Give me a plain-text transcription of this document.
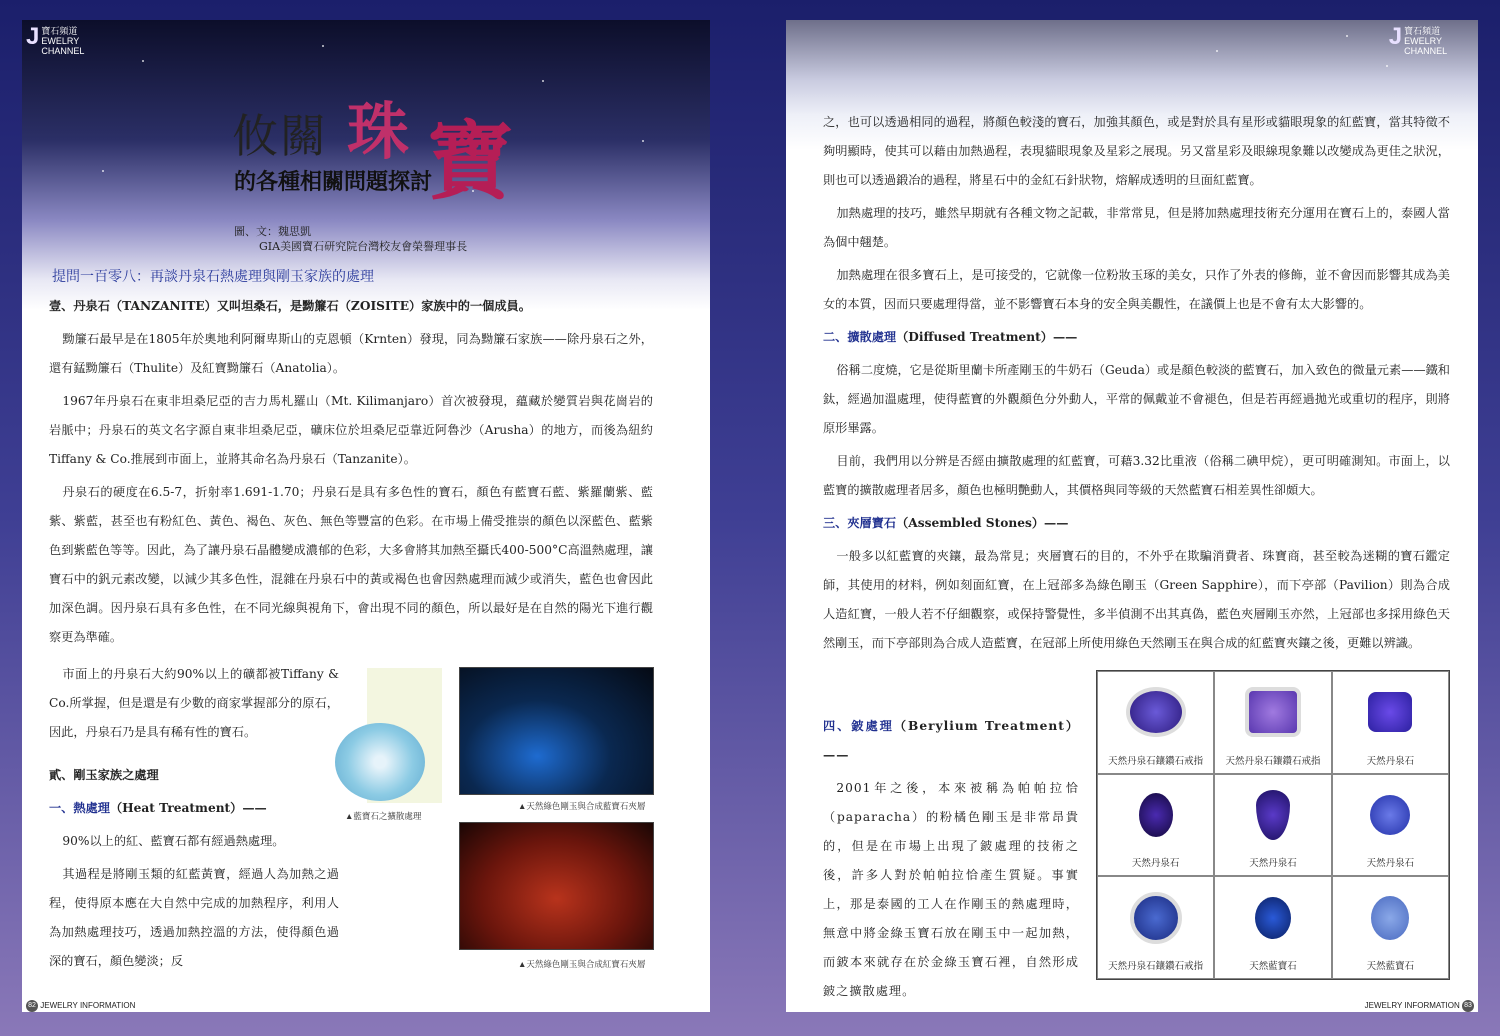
J 寶石頻道
EWELRY CHANNEL
攸關 珠 寶
的各種相關問題探討
圖、文：魏思凱
GIA美國寶石研究院台灣校友會榮譽理事長
提問一百零八：再談丹泉石熱處理與剛玉家族的處理

壹、丹泉石（TANZANITE）又叫坦桑石，是黝簾石（ZOISITE）家族中的一個成員。

黝簾石最早是在1805年於奧地利阿爾卑斯山的克恩頓（Krnten）發現，同為黝簾石家族——除丹泉石之外，還有錳黝簾石（Thulite）及紅寶黝簾石（Anatolia）。

1967年丹泉石在東非坦桑尼亞的吉力馬札羅山（Mt. Kilimanjaro）首次被發現，蘊藏於變質岩與花崗岩的岩脈中；丹泉石的英文名字源自東非坦桑尼亞，礦床位於坦桑尼亞靠近阿魯沙（Arusha）的地方，而後為紐約Tiffany & Co.推展到市面上，並將其命名為丹泉石（Tanzanite）。

丹泉石的硬度在6.5-7，折射率1.691-1.70；丹泉石是具有多色性的寶石，顏色有藍寶石藍、紫羅蘭紫、藍紫、紫藍，甚至也有粉紅色、黃色、褐色、灰色、無色等豐富的色彩。在市場上備受推崇的顏色以深藍色、藍紫色到紫藍色等等。因此，為了讓丹泉石晶體變成濃郁的色彩，大多會將其加熱至攝氏400-500°C高溫熱處理，讓寶石中的釩元素改變，以減少其多色性，混雜在丹泉石中的黃或褐色也會因熱處理而減少或消失，藍色也會因此加深色調。因丹泉石具有多色性，在不同光線與視角下，會出現不同的顏色，所以最好是在自然的陽光下進行觀察更為準確。

市面上的丹泉石大約90%以上的礦都被Tiffany & Co.所掌握，但是還是有少數的商家掌握部分的原石，因此，丹泉石乃是具有稀有性的寶石。

貳、剛玉家族之處理

一、熱處理（Heat Treatment）——

90%以上的紅、藍寶石都有經過熱處理。

其過程是將剛玉類的紅藍黃寶，經過人為加熱之過程，使得原本應在大自然中完成的加熱程序，利用人為加熱處理技巧，透過加熱控溫的方法，使得顏色過深的寶石，顏色變淡；反

▲藍寶石之擴散處理
▲天然綠色剛玉與合成藍寶石夾層
▲天然綠色剛玉與合成紅寶石夾層
82 JEWELRY INFORMATION
J 寶石頻道
EWELRY CHANNEL

之，也可以透過相同的過程，將顏色較淺的寶石，加強其顏色，或是對於具有星形或貓眼現象的紅藍寶，當其特徵不夠明顯時，使其可以藉由加熱過程，表現貓眼現象及星彩之展現。另又當星彩及眼線現象難以改變成為更佳之狀況，則也可以透過鍛冶的過程，將星石中的金紅石針狀物，熔解成透明的旦面紅藍寶。

加熱處理的技巧，雖然早期就有各種文物之記載，非常常見，但是將加熱處理技術充分運用在寶石上的，泰國人當為個中翹楚。

加熱處理在很多寶石上，是可接受的，它就像一位粉妝玉琢的美女，只作了外表的修飾，並不會因而影響其成為美女的本質，因而只要處理得當，並不影響寶石本身的安全與美觀性，在議價上也是不會有太大影響的。

二、擴散處理（Diffused Treatment）——

俗稱二度燒，它是從斯里蘭卡所產剛玉的牛奶石（Geuda）或是顏色較淡的藍寶石，加入致色的微量元素——鐵和鈦，經過加溫處理，使得藍寶的外觀顏色分外動人，平常的佩戴並不會褪色，但是若再經過拋光或重切的程序，則將原形畢露。

目前，我們用以分辨是否經由擴散處理的紅藍寶，可藉3.32比重液（俗稱二碘甲烷），更可明確測知。市面上，以藍寶的擴散處理者居多，顏色也極明艷動人，其價格與同等級的天然藍寶石相差異性卻頗大。

三、夾層寶石（Assembled Stones）——

一般多以紅藍寶的夾鑲，最為常見；夾層寶石的目的，不外乎在欺騙消費者、珠寶商，甚至較為迷糊的寶石鑑定師，其使用的材料，例如刻面紅寶，在上冠部多為綠色剛玉（Green Sapphire），而下亭部（Pavilion）則為合成人造紅寶，一般人若不仔細觀察，或保持警覺性，多半偵測不出其真偽，藍色夾層剛玉亦然，上冠部也多採用綠色天然剛玉，而下亭部則為合成人造藍寶，在冠部上所使用綠色天然剛玉在與合成的紅藍寶夾鑲之後，更難以辨識。

四、鈹處理（Berylium Treatment）——

2001年之後，本來被稱為帕帕拉恰（paparacha）的粉橘色剛玉是非常昂貴的，但是在市場上出現了鈹處理的技術之後，許多人對於帕帕拉恰產生質疑。事實上，那是泰國的工人在作剛玉的熱處理時，無意中將金綠玉寶石放在剛玉中一起加熱，而鈹本來就存在於金綠玉寶石裡，自然形成鈹之擴散處理。

天然丹泉石鑲鑽石戒指	天然丹泉石鑲鑽石戒指	天然丹泉石
天然丹泉石	天然丹泉石	天然丹泉石
天然丹泉石鑲鑽石戒指	天然藍寶石	天然藍寶石
JEWELRY INFORMATION 83
